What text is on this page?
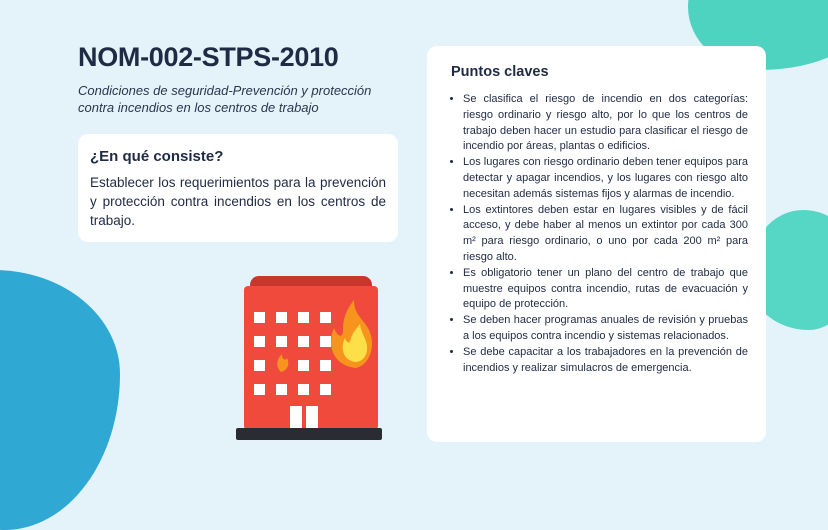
NOM-002-STPS-2010

Condiciones de seguridad-Prevención y protección contra incendios en los centros de trabajo

¿En qué consiste?

Establecer los requerimientos para la prevención y protección contra incendios en los centros de trabajo.

Puntos claves
• Se clasifica el riesgo de incendio en dos categorías: riesgo ordinario y riesgo alto, por lo que los centros de trabajo deben hacer un estudio para clasificar el riesgo de incendio por áreas, plantas o edificios.
• Los lugares con riesgo ordinario deben tener equipos para detectar y apagar incendios, y los lugares con riesgo alto necesitan además sistemas fijos y alarmas de incendio.
• Los extintores deben estar en lugares visibles y de fácil acceso, y debe haber al menos un extintor por cada 300 m² para riesgo ordinario, o uno por cada 200 m² para riesgo alto.
• Es obligatorio tener un plano del centro de trabajo que muestre equipos contra incendio, rutas de evacuación y equipo de protección.
• Se deben hacer programas anuales de revisión y pruebas a los equipos contra incendio y sistemas relacionados.
• Se debe capacitar a los trabajadores en la prevención de incendios y realizar simulacros de emergencia.
